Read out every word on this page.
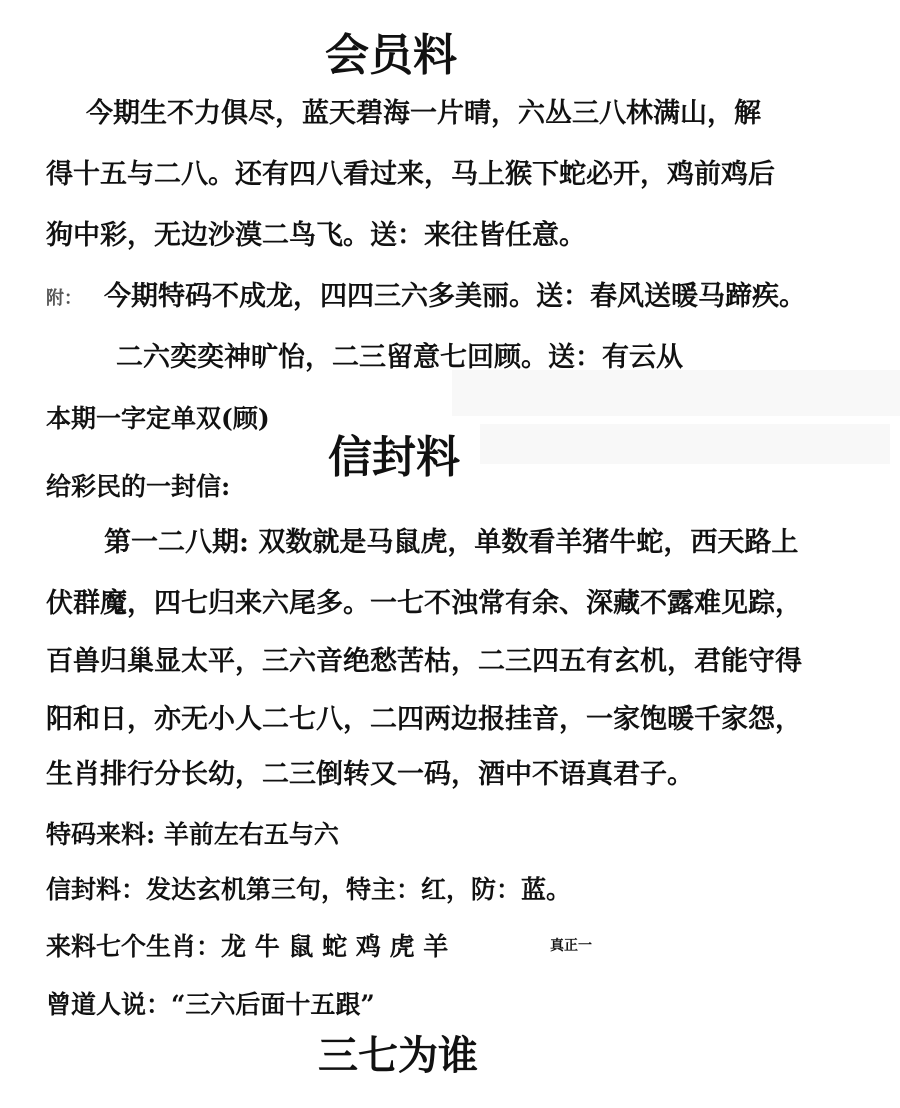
会员料
今期生不力俱尽，蓝天碧海一片晴，六丛三八林满山，解
得十五与二八。还有四八看过来，马上猴下蛇必开，鸡前鸡后
狗中彩，无边沙漠二鸟飞。送：来往皆任意。
附： 今期特码不成龙，四四三六多美丽。送：春风送暖马蹄疾。
二六奕奕神旷怡，二三留意七回顾。送：有云从
本期一字定单双(顾)
信封料
给彩民的一封信:
第一二八期: 双数就是马鼠虎，单数看羊猪牛蛇，西天路上
伏群魔，四七归来六尾多。一七不浊常有余、深藏不露难见踪，
百兽归巢显太平，三六音绝愁苦枯，二三四五有玄机，君能守得
阳和日，亦无小人二七八，二四两边报挂音，一家饱暖千家怨，
生肖排行分长幼，二三倒转又一码，酒中不语真君子。
特码来料: 羊前左右五与六
信封料：发达玄机第三句，特主：红，防：蓝。
来料七个生肖：龙 牛 鼠 蛇 鸡 虎 羊	真正一
曾道人说：“三六后面十五跟”
三七为谁
